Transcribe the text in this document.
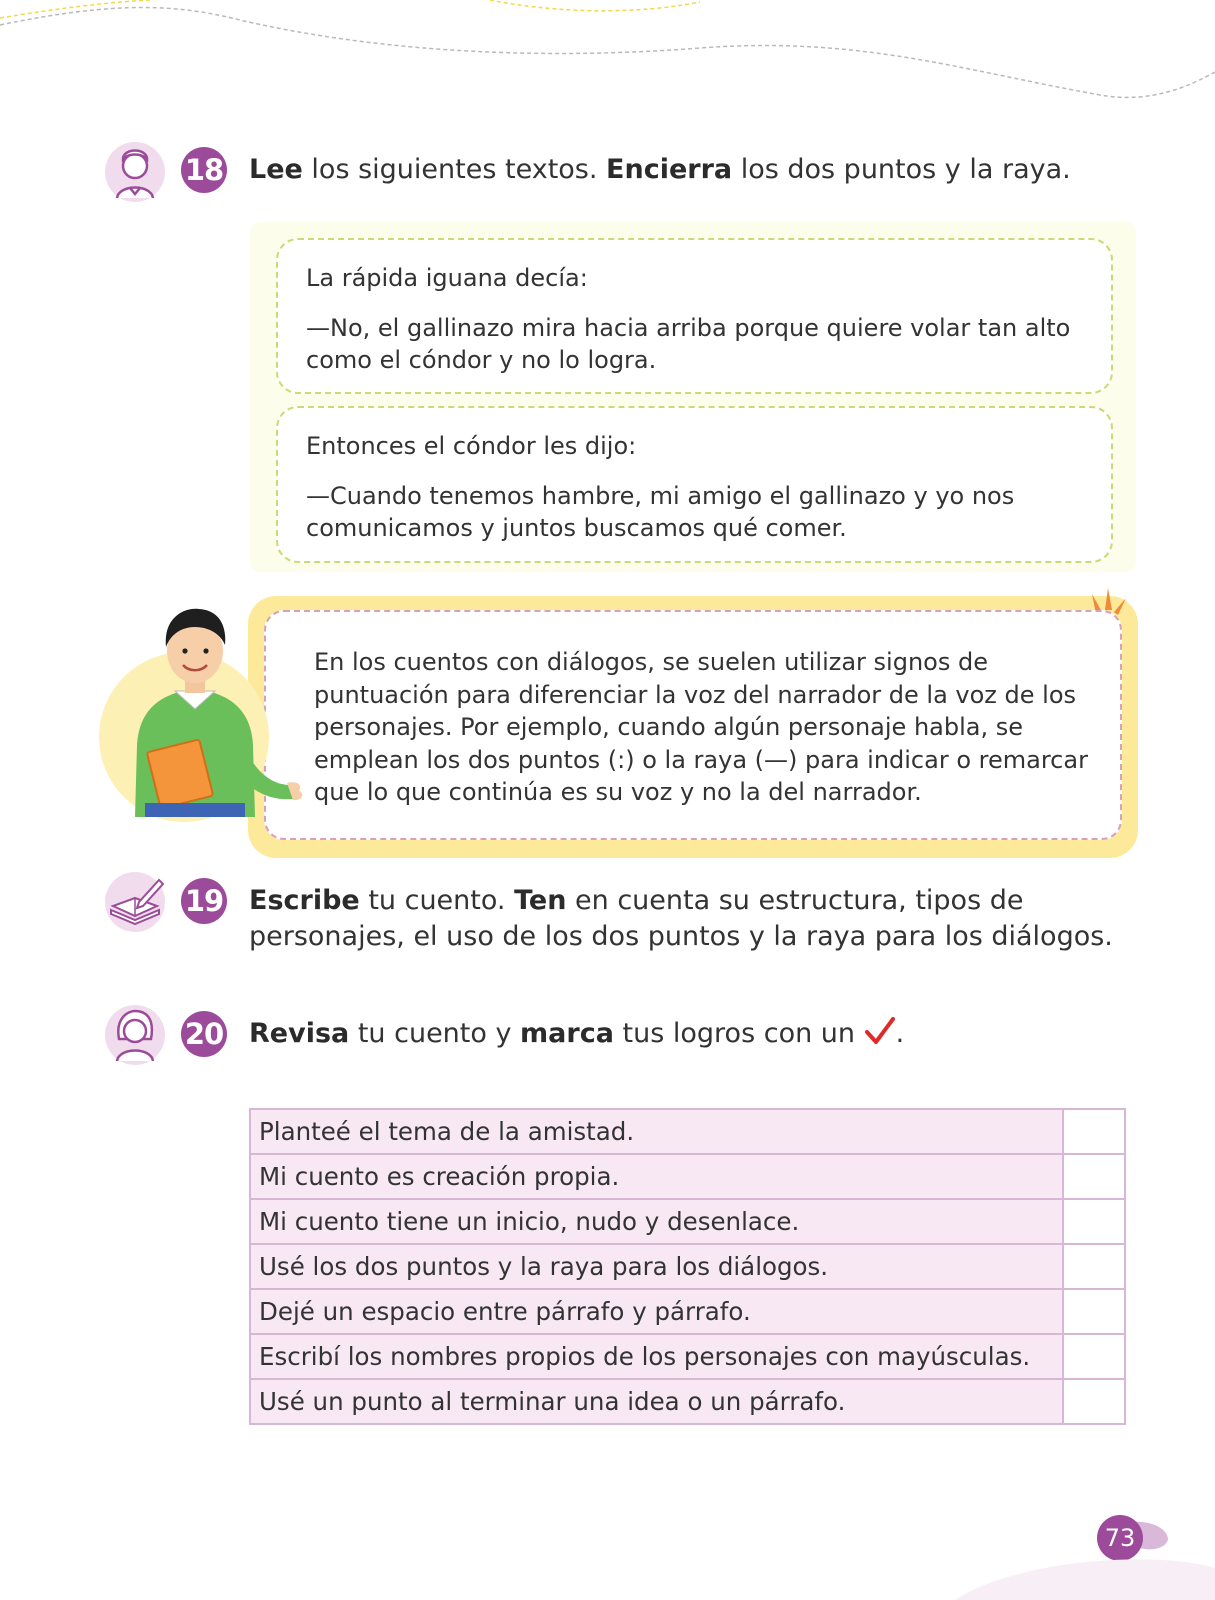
18 Lee los siguientes textos. Encierra los dos puntos y la raya.

La rápida iguana decía:

—No, el gallinazo mira hacia arriba porque quiere volar tan alto como el cóndor y no lo logra.

Entonces el cóndor les dijo:

—Cuando tenemos hambre, mi amigo el gallinazo y yo nos comunicamos y juntos buscamos qué comer.

En los cuentos con diálogos, se suelen utilizar signos de puntuación para diferenciar la voz del narrador de la voz de los personajes. Por ejemplo, cuando algún personaje habla, se emplean los dos puntos (:) o la raya (—) para indicar o remarcar que lo que continúa es su voz y no la del narrador.
19 Escribe tu cuento. Ten en cuenta su estructura, tipos de personajes, el uso de los dos puntos y la raya para los diálogos.
20 Revisa tu cuento y marca tus logros con un .
Planteé el tema de la amistad.	
Mi cuento es creación propia.	
Mi cuento tiene un inicio, nudo y desenlace.	
Usé los dos puntos y la raya para los diálogos.	
Dejé un espacio entre párrafo y párrafo.	
Escribí los nombres propios de los personajes con mayúsculas.	
Usé un punto al terminar una idea o un párrafo.	
73
